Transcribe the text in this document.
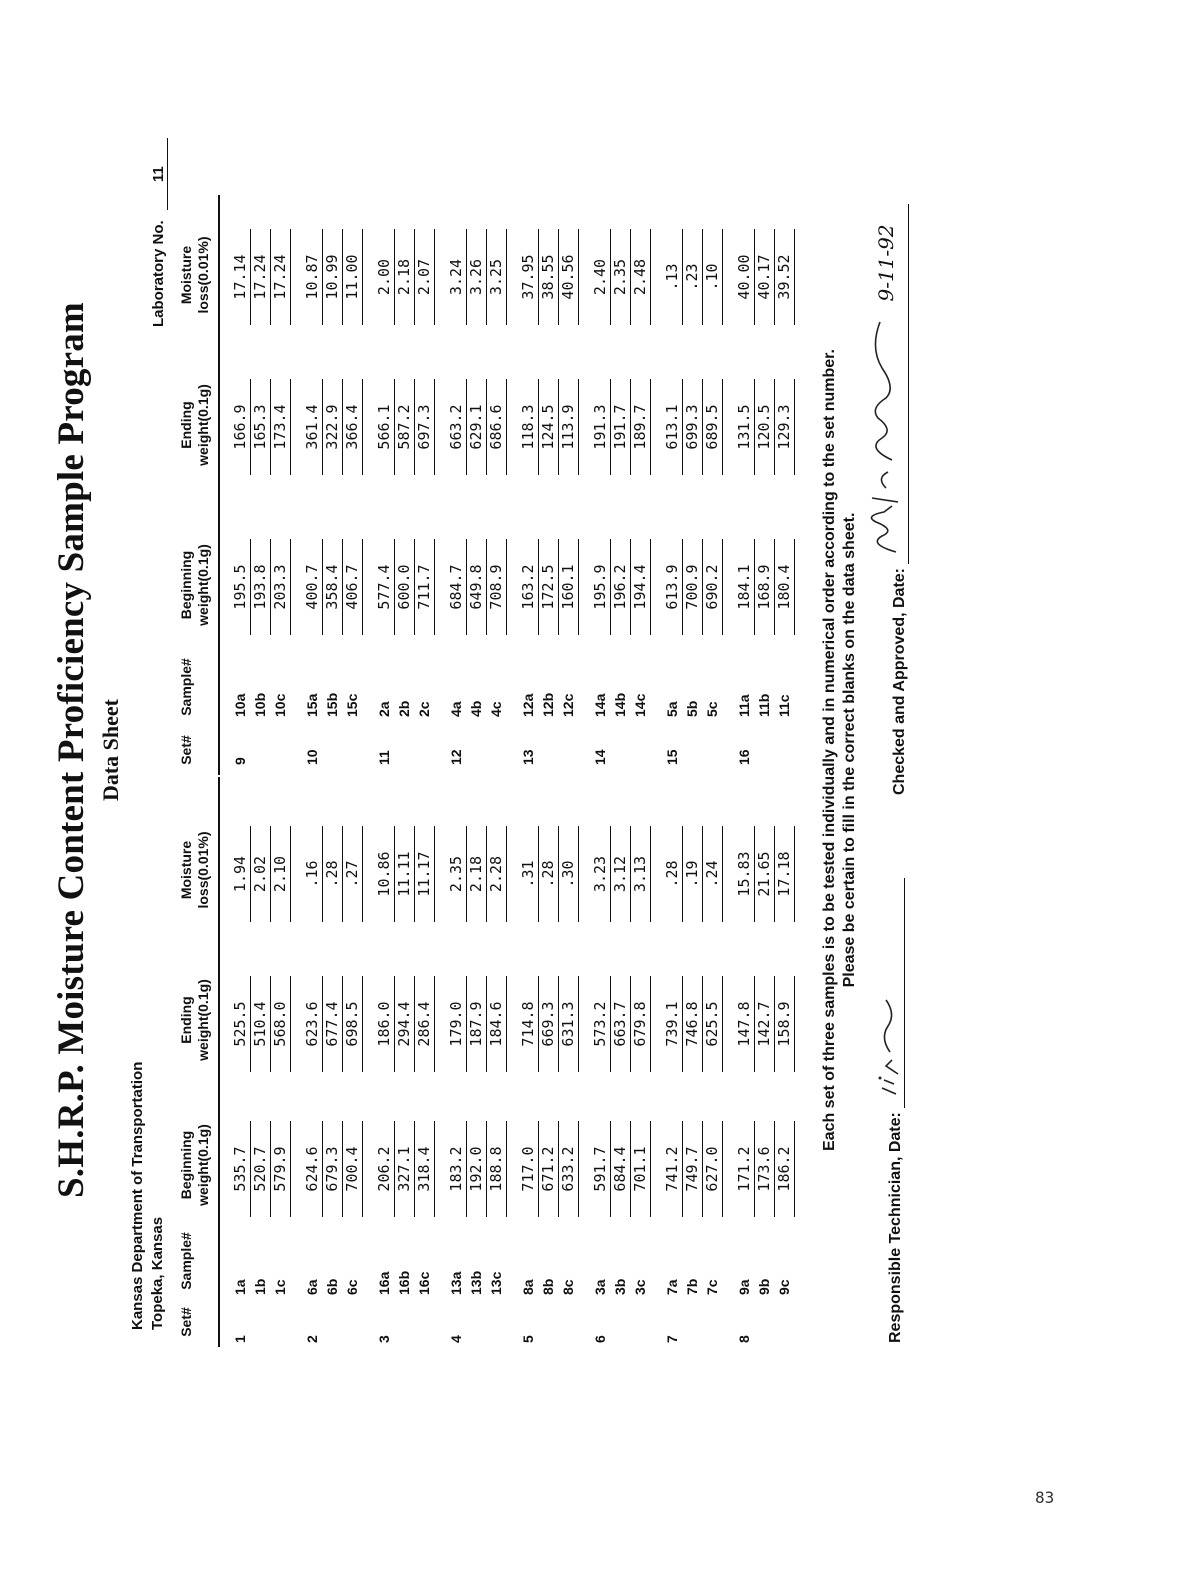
S.H.R.P. Moisture Content Proficiency Sample Program Data Sheet
Kansas Department of Transportation Topeka, Kansas
Laboratory No. 11
Set#
Sample#
Beginning weight(0.1g)
Ending weight(0.1g)
Moisture loss(0.01%)
Set#
Sample#
Beginning weight(0.1g)
Ending weight(0.1g)
Moisture loss(0.01%)
1
1a
535.7
525.5
1.94
1b
520.7
510.4
2.02
1c
579.9
568.0
2.10
2
6a
624.6
623.6
.16
6b
679.3
677.4
.28
6c
700.4
698.5
.27
3
16a
206.2
186.0
10.86
16b
327.1
294.4
11.11
16c
318.4
286.4
11.17
4
13a
183.2
179.0
2.35
13b
192.0
187.9
2.18
13c
188.8
184.6
2.28
5
8a
717.0
714.8
.31
8b
671.2
669.3
.28
8c
633.2
631.3
.30
6
3a
591.7
573.2
3.23
3b
684.4
663.7
3.12
3c
701.1
679.8
3.13
7
7a
741.2
739.1
.28
7b
749.7
746.8
.19
7c
627.0
625.5
.24
8
9a
171.2
147.8
15.83
9b
173.6
142.7
21.65
9c
186.2
158.9
17.18
9
10a
195.5
166.9
17.14
10b
193.8
165.3
17.24
10c
203.3
173.4
17.24
10
15a
400.7
361.4
10.87
15b
358.4
322.9
10.99
15c
406.7
366.4
11.00
11
2a
577.4
566.1
2.00
2b
600.0
587.2
2.18
2c
711.7
697.3
2.07
12
4a
684.7
663.2
3.24
4b
649.8
629.1
3.26
4c
708.9
686.6
3.25
13
12a
163.2
118.3
37.95
12b
172.5
124.5
38.55
12c
160.1
113.9
40.56
14
14a
195.9
191.3
2.40
14b
196.2
191.7
2.35
14c
194.4
189.7
2.48
15
5a
613.9
613.1
.13
5b
700.9
699.3
.23
5c
690.2
689.5
.10
16
11a
184.1
131.5
40.00
11b
168.9
120.5
40.17
11c
180.4
129.3
39.52
Each set of three samples is to be tested individually and in numerical order according to the set number. Please be certain to fill in the correct blanks on the data sheet.
Responsible Technician, Date:
Checked and Approved, Date:
9-11-92
83
